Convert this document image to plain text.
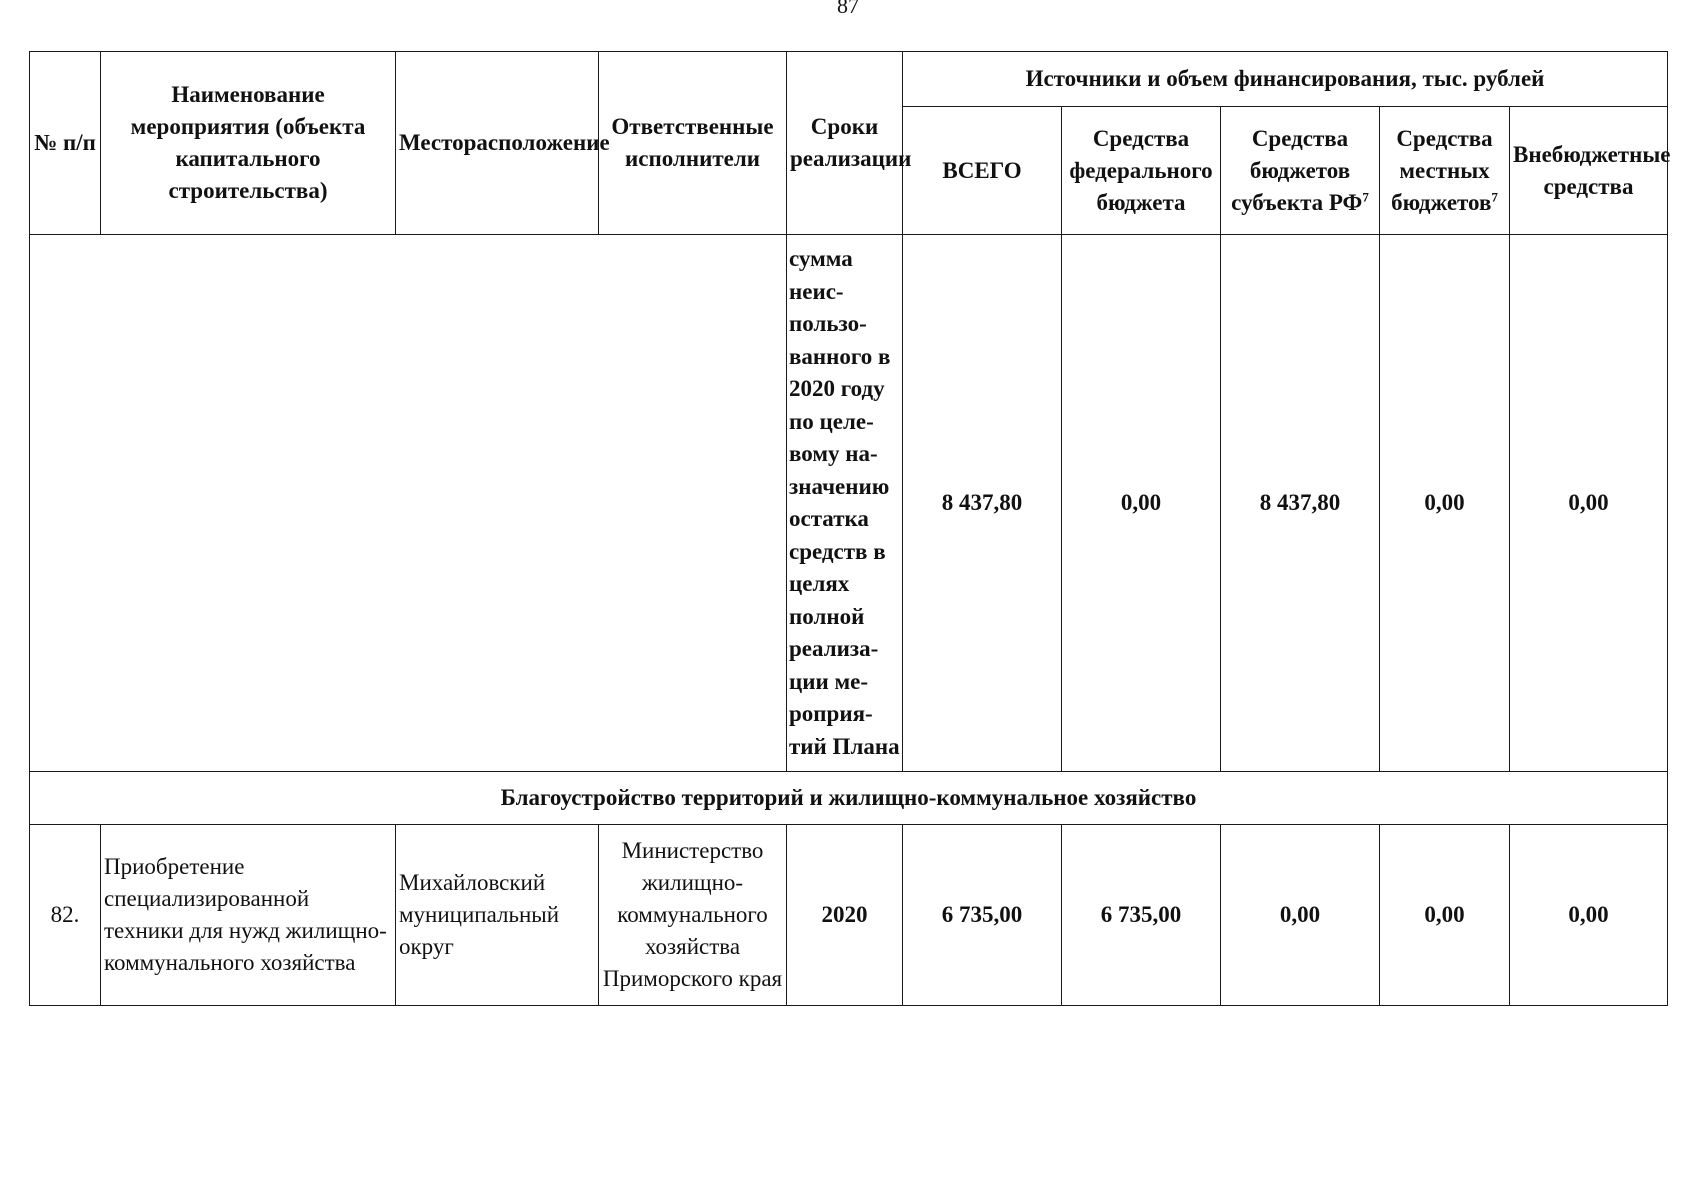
87
№ п/п	Наименование мероприятия (объекта капитального строительства)	Месторасположение	Ответственные исполнители	Сроки реализации	Источники и объем финансирования, тыс. рублей				
					ВСЕГО	Средства федерального бюджета	Средства бюджетов субъекта $РФ^7$	Средства местных бюджетов$^7$	Внебюджетные средства
				сумма неис- пользо- ванного в 2020 году по целе- вому на- значению остатка средств в целях полной реализа- ции ме- роприя- тий Плана	8 437,80	0,00	8 437,80	0,00	0,00
Благоустройство территорий и жилищно-коммунальное хозяйство									
82.	Приобретение специализированной техники для нужд жилищно-коммунального хозяйства	Михайловский муниципальный округ	Министерство жилищно-коммунального хозяйства Приморского края	2020	6 735,00	6 735,00	0,00	0,00	0,00
